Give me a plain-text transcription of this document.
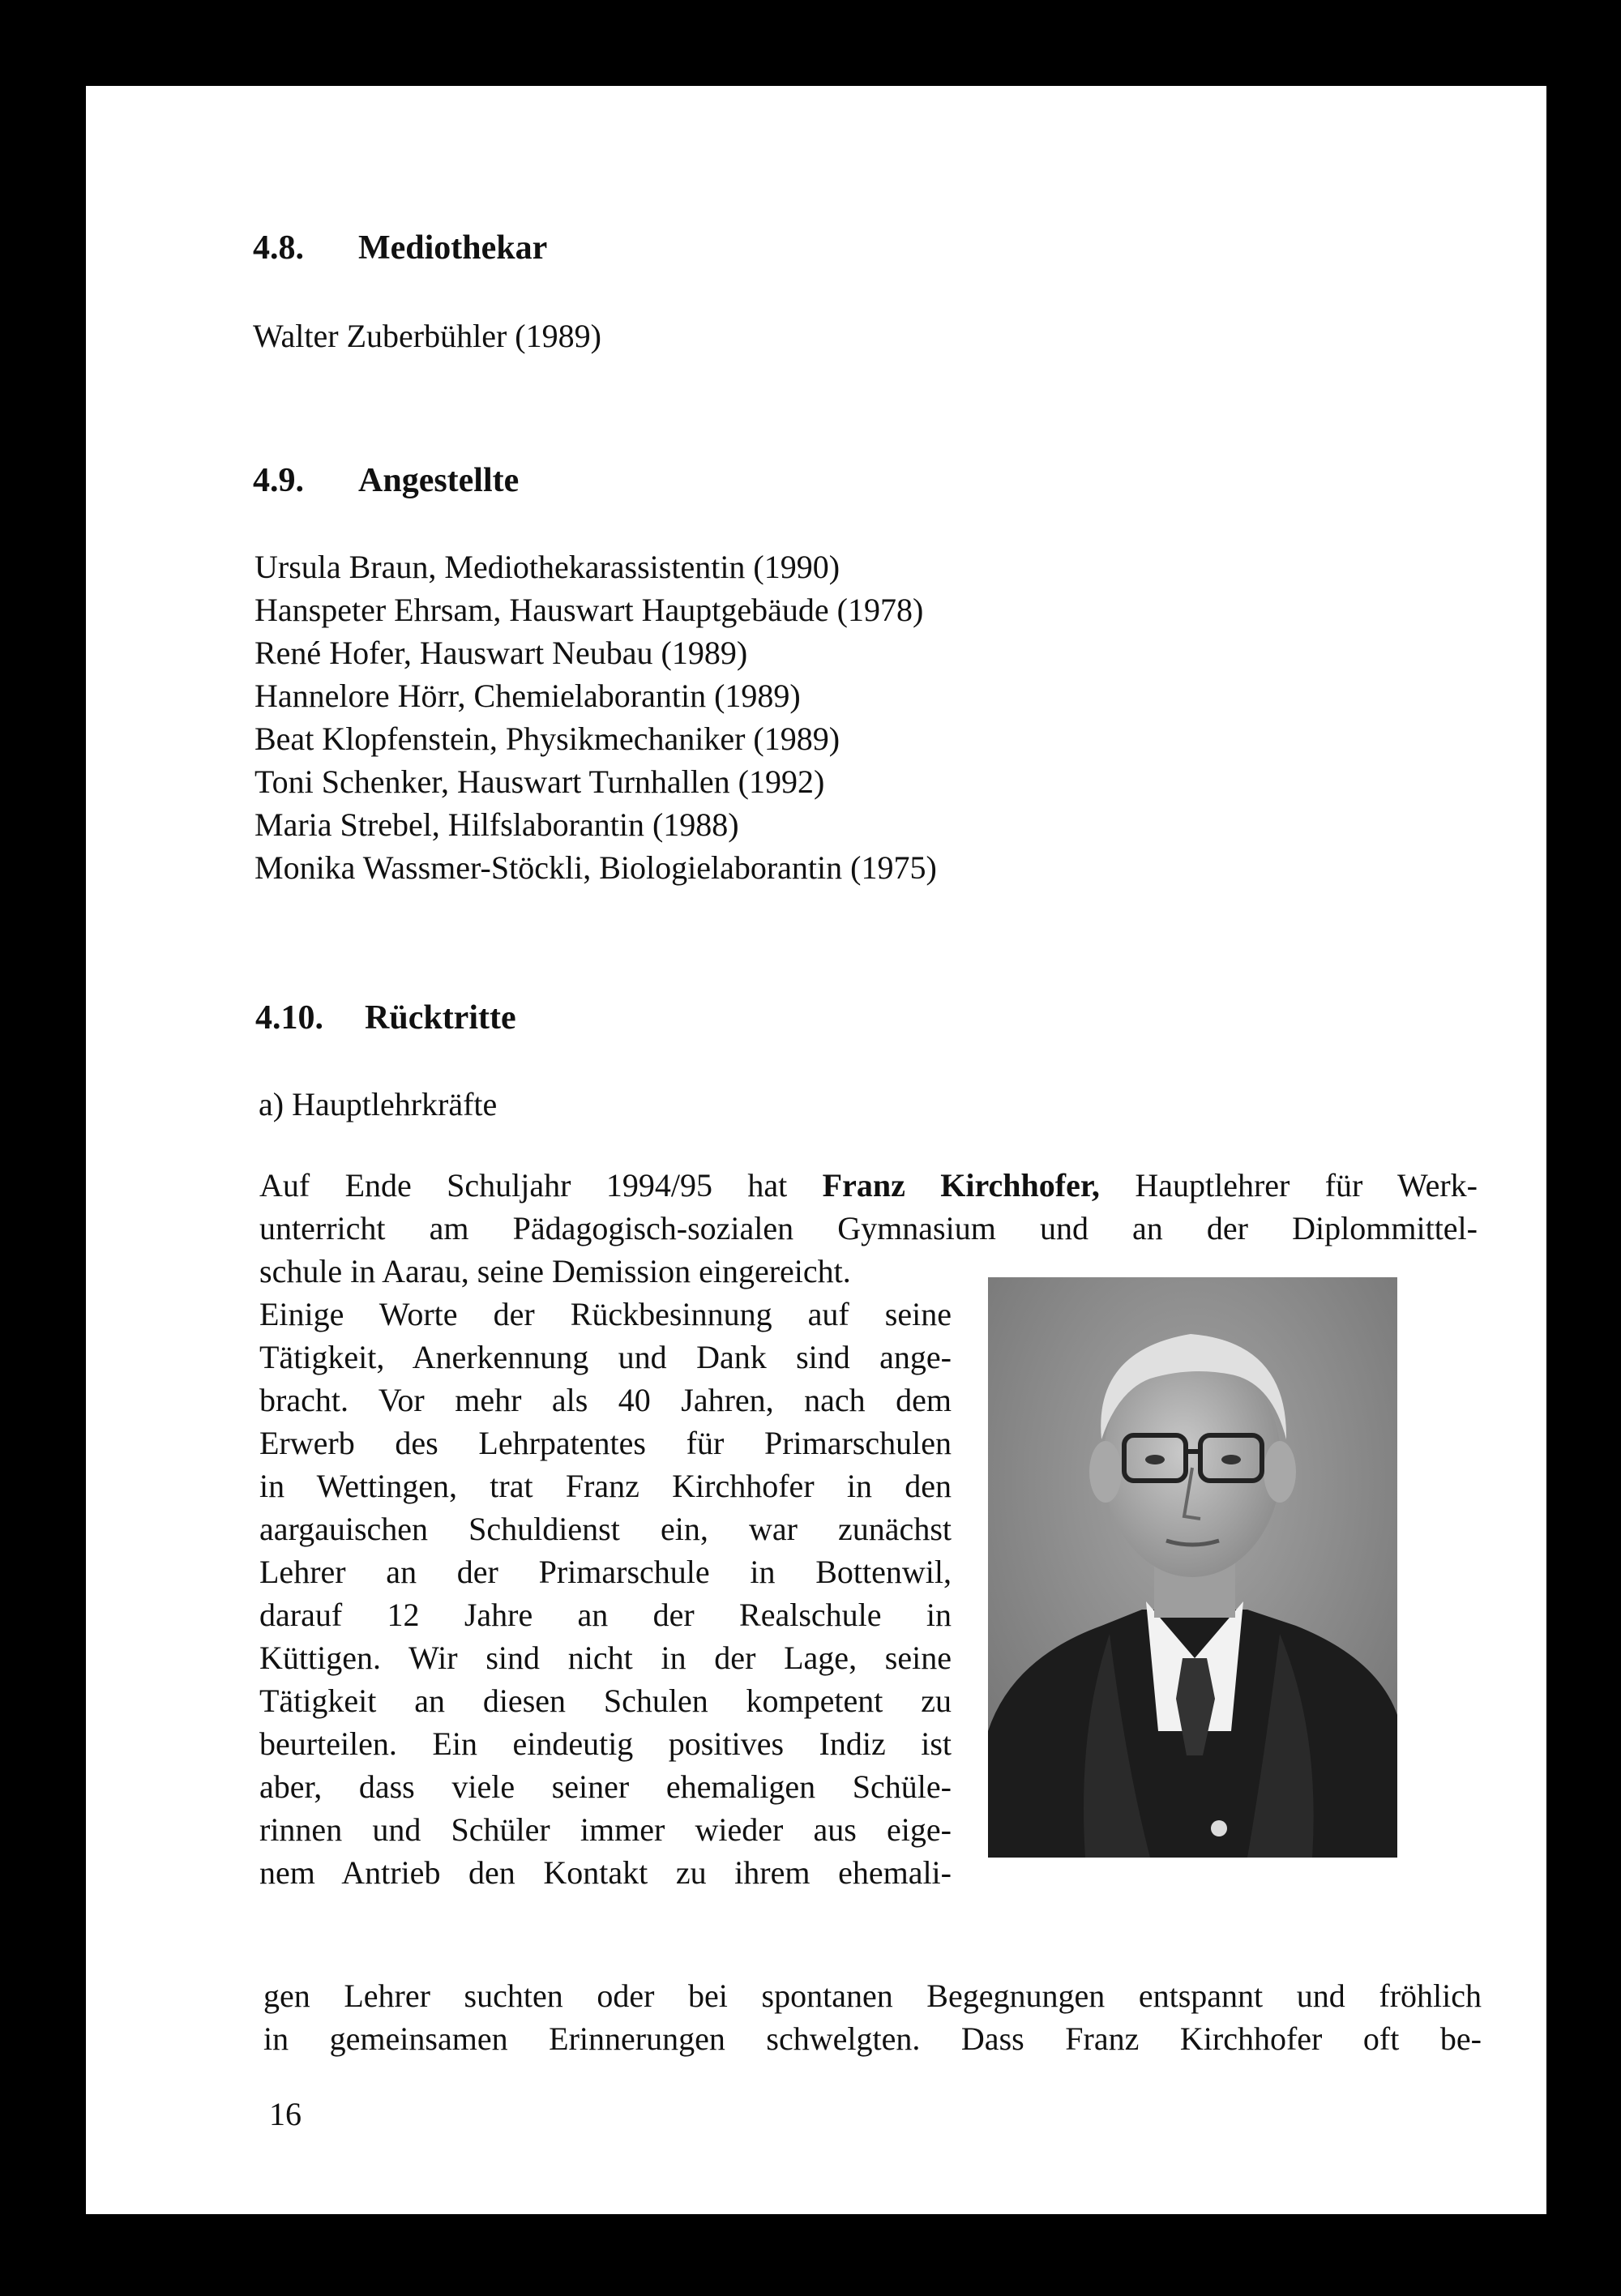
4.8. Mediothekar
Walter Zuberbühler (1989)
4.9. Angestellte
Ursula Braun, Mediothekarassistentin (1990)
Hanspeter Ehrsam, Hauswart Hauptgebäude (1978)
René Hofer, Hauswart Neubau (1989)
Hannelore Hörr, Chemielaborantin (1989)
Beat Klopfenstein, Physikmechaniker (1989)
Toni Schenker, Hauswart Turnhallen (1992)
Maria Strebel, Hilfslaborantin (1988)
Monika Wassmer-Stöckli, Biologielaborantin (1975)
4.10. Rücktritte
a) Hauptlehrkräfte
Auf Ende Schuljahr 1994/95 hat Franz Kirchhofer, Hauptlehrer für Werk-
unterricht am Pädagogisch-sozialen Gymnasium und an der Diplommittel-
schule in Aarau, seine Demission eingereicht.
Einige Worte der Rückbesinnung auf seine
Tätigkeit, Anerkennung und Dank sind ange-
bracht. Vor mehr als 40 Jahren, nach dem
Erwerb des Lehrpatentes für Primarschulen
in Wettingen, trat Franz Kirchhofer in den
aargauischen Schuldienst ein, war zunächst
Lehrer an der Primarschule in Bottenwil,
darauf 12 Jahre an der Realschule in
Küttigen. Wir sind nicht in der Lage, seine
Tätigkeit an diesen Schulen kompetent zu
beurteilen. Ein eindeutig positives Indiz ist
aber, dass viele seiner ehemaligen Schüle-
rinnen und Schüler immer wieder aus eige-
nem Antrieb den Kontakt zu ihrem ehemali-
gen Lehrer suchten oder bei spontanen Begegnungen entspannt und fröhlich
in gemeinsamen Erinnerungen schwelgten. Dass Franz Kirchhofer oft be-
16
